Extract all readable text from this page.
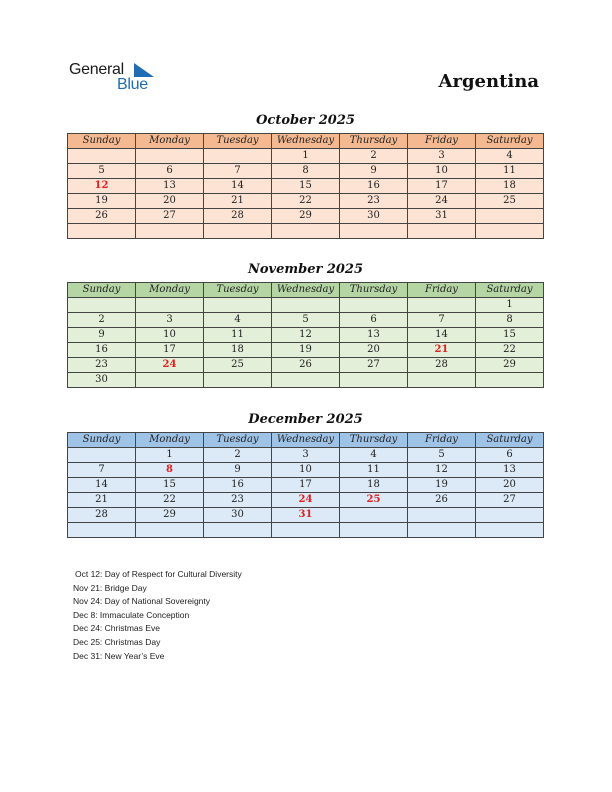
General
Blue	Argentina
October 2025
Sunday	Monday	Tuesday	Wednesday	Thursday	Friday	Saturday
			1	2	3	4
5	6	7	8	9	10	11
12	13	14	15	16	17	18
19	20	21	22	23	24	25
26	27	28	29	30	31	

November 2025
Sunday	Monday	Tuesday	Wednesday	Thursday	Friday	Saturday
						1
2	3	4	5	6	7	8
9	10	11	12	13	14	15
16	17	18	19	20	21	22
23	24	25	26	27	28	29
30						
December 2025
Sunday	Monday	Tuesday	Wednesday	Thursday	Friday	Saturday
	1	2	3	4	5	6
7	8	9	10	11	12	13
14	15	16	17	18	19	20
21	22	23	24	25	26	27
28	29	30	31			

Oct 12: Day of Respect for Cultural Diversity
Nov 21: Bridge Day
Nov 24: Day of National Sovereignty
Dec 8: Immaculate Conception
Dec 24: Christmas Eve
Dec 25: Christmas Day
Dec 31: New Year’s Eve
